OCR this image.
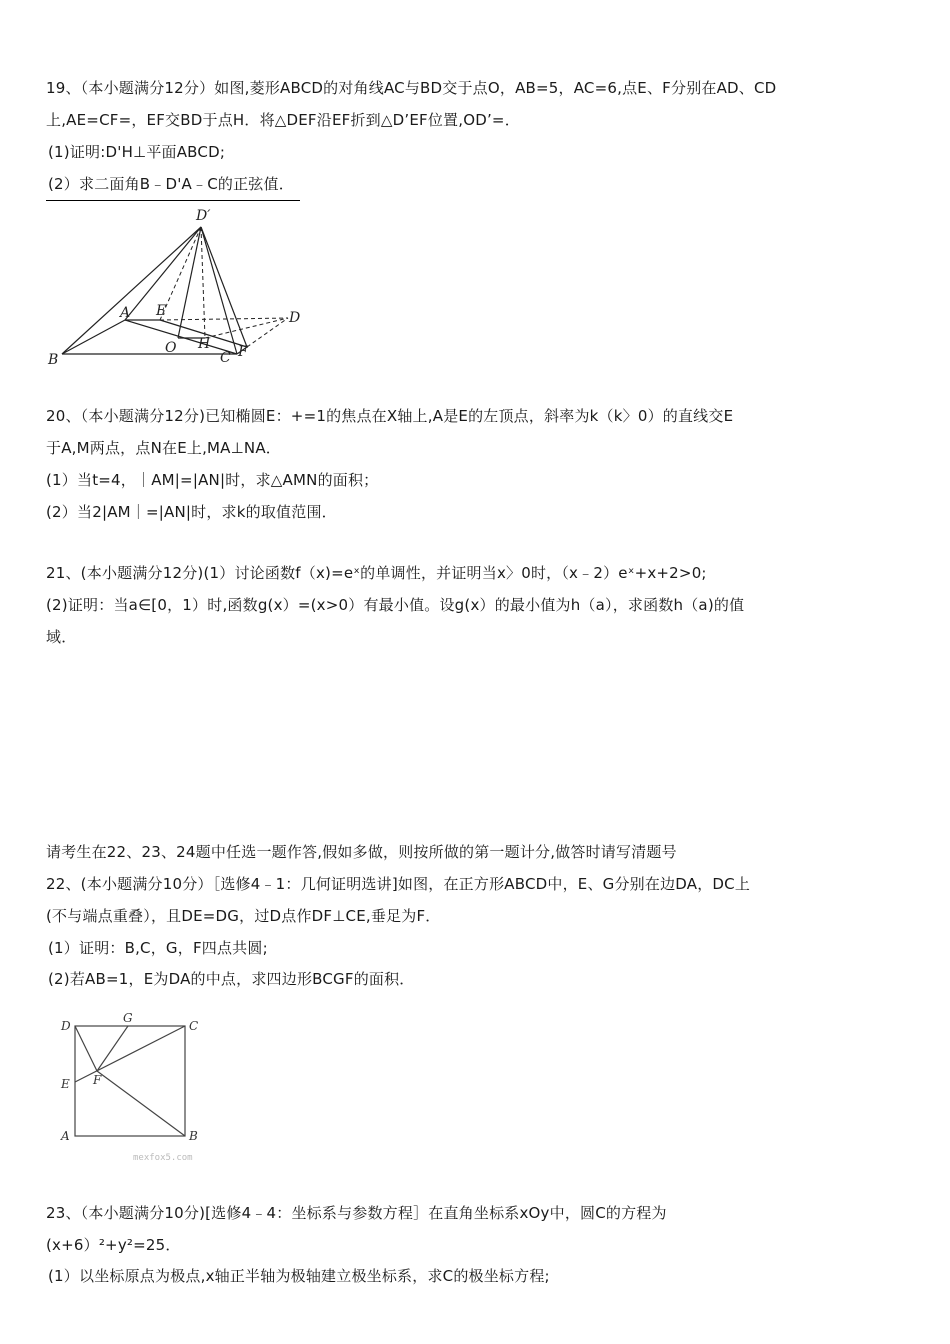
19、（本小题满分12分）如图,菱形ABCD的对角线AC与BD交于点O，AB=5，AC=6,点E、F分别在AD、CD
上,AE=CF=，EF交BD于点H．将△DEF沿EF折到△D’EF位置,OD’=．
(1)证明:D'H⊥平面ABCD;
(2）求二面角B﹣D'A﹣C的正弦值．
D′
A E	D
B
O H
C F
20、（本小题满分12分)已知椭圆E：+=1的焦点在X轴上,A是E的左顶点，斜率为k（k〉0）的直线交E
于A,M两点，点N在E上,MA⊥NA．
(1）当t=4，｜AM|=|AN|时，求△AMN的面积；
(2）当2|AM｜=|AN|时，求k的取值范围．
21、(本小题满分12分)(1）讨论函数f（x)=eˣ的单调性，并证明当x〉0时，（x﹣2）eˣ+x+2>0;
(2)证明：当a∈[0，1）时,函数g(x）=(x>0）有最小值。设g(x）的最小值为h（a），求函数h（a)的值
域．
请考生在22、23、24题中任选一题作答,假如多做，则按所做的第一题计分,做答时请写清题号
22、(本小题满分10分）［选修4﹣1：几何证明选讲]如图，在正方形ABCD中，E、G分别在边DA，DC上
(不与端点重叠），且DE=DG，过D点作DF⊥CE,垂足为F．
(1）证明：B,C，G，F四点共圆;
(2)若AB=1，E为DA的中点，求四边形BCGF的面积．
D
G
C
E F
A	B
mexfox5.com
23、（本小题满分10分)[选修4﹣4：坐标系与参数方程］在直角坐标系xOy中，圆C的方程为
(x+6）²+y²=25．
(1）以坐标原点为极点,x轴正半轴为极轴建立极坐标系，求C的极坐标方程;
